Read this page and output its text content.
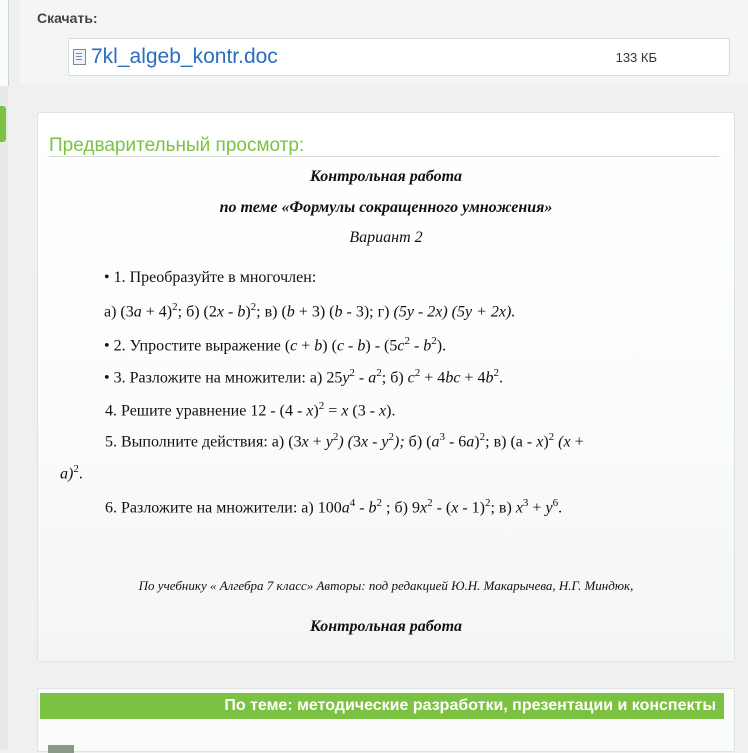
Скачать:
7kl_algeb_kontr.doc	133 КБ
Предварительный просмотр:
Контрольная работа
по теме «Формулы сокращенного умножения»
Вариант 2
• 1. Преобразуйте в многочлен:
а) $(3a + 4)^2$; б) (2x - b)$^2$; в) (b + 3) (b - 3); г) (5y - 2x) (5y + 2x).
• 2. Упростите выражение (c + b) $(c - b) - (5c^2 - b^2)$.
• 3. Разложите на множители: а) $25y^2 - a^2$; б) $c^2 + 4bc + 4b^2$.
4. Решите уравнение 12 - (4 - x)$^2$ = x (3 - x).
5. Выполните действия: а) $(3x + y^2)$ $(3x - y^2)$; б) $(a^3 - 6a)^2$; в) (а - x)$^2$ (x +
a)$^2$.
6. Разложите на множители: а) $100a^4 - b^2$ ; б) $9x^2 - (x - 1)^2$; в) $x^3 + y^6$.
По учебнику « Алгебра 7 класс» Авторы: под редакцией Ю.Н. Макарычева, Н.Г. Миндюк,
Контрольная работа
По теме: методические разработки, презентации и конспекты
